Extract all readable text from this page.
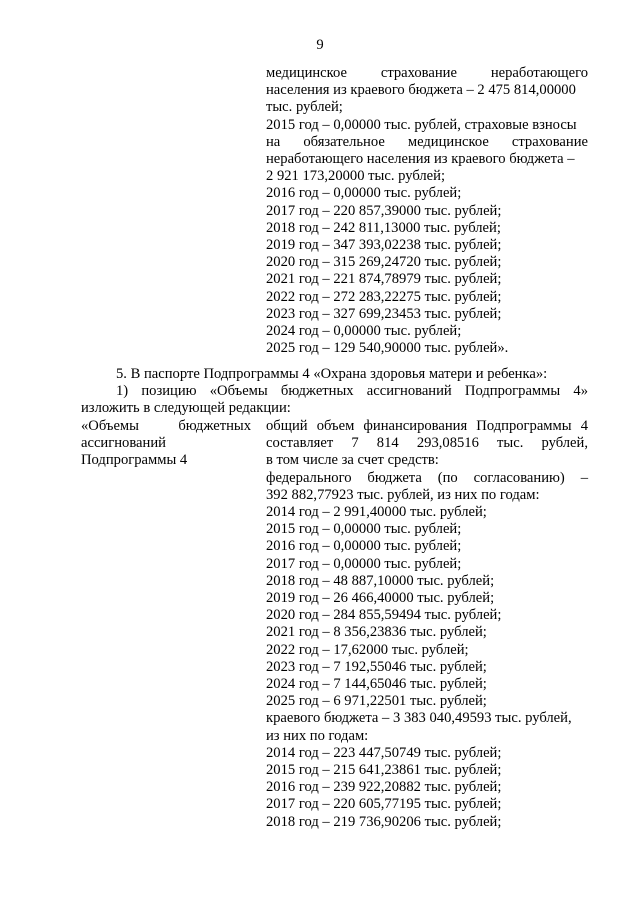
9
медицинское страхование неработающего
населения из краевого бюджета – 2 475 814,00000
тыс. рублей;
2015 год – 0,00000 тыс. рублей, страховые взносы
на обязательное медицинское страхование
неработающего населения из краевого бюджета –
2 921 173,20000 тыс. рублей;
2016 год – 0,00000 тыс. рублей;
2017 год – 220 857,39000 тыс. рублей;
2018 год – 242 811,13000 тыс. рублей;
2019 год – 347 393,02238 тыс. рублей;
2020 год – 315 269,24720 тыс. рублей;
2021 год – 221 874,78979 тыс. рублей;
2022 год – 272 283,22275 тыс. рублей;
2023 год – 327 699,23453 тыс. рублей;
2024 год – 0,00000 тыс. рублей;
2025 год – 129 540,90000 тыс. рублей».
5. В паспорте Подпрограммы 4 «Охрана здоровья матери и ребенка»:
1) позицию «Объемы бюджетных ассигнований Подпрограммы 4»
изложить в следующей редакции:
«Объемы бюджетных
ассигнований
Подпрограммы 4
общий объем финансирования Подпрограммы 4
составляет 7 814 293,08516 тыс. рублей,
в том числе за счет средств:
федерального бюджета (по согласованию) –
392 882,77923 тыс. рублей, из них по годам:
2014 год – 2 991,40000 тыс. рублей;
2015 год – 0,00000 тыс. рублей;
2016 год – 0,00000 тыс. рублей;
2017 год – 0,00000 тыс. рублей;
2018 год – 48 887,10000 тыс. рублей;
2019 год – 26 466,40000 тыс. рублей;
2020 год – 284 855,59494 тыс. рублей;
2021 год – 8 356,23836 тыс. рублей;
2022 год – 17,62000 тыс. рублей;
2023 год – 7 192,55046 тыс. рублей;
2024 год – 7 144,65046 тыс. рублей;
2025 год – 6 971,22501 тыс. рублей;
краевого бюджета – 3 383 040,49593 тыс. рублей,
из них по годам:
2014 год – 223 447,50749 тыс. рублей;
2015 год – 215 641,23861 тыс. рублей;
2016 год – 239 922,20882 тыс. рублей;
2017 год – 220 605,77195 тыс. рублей;
2018 год – 219 736,90206 тыс. рублей;
